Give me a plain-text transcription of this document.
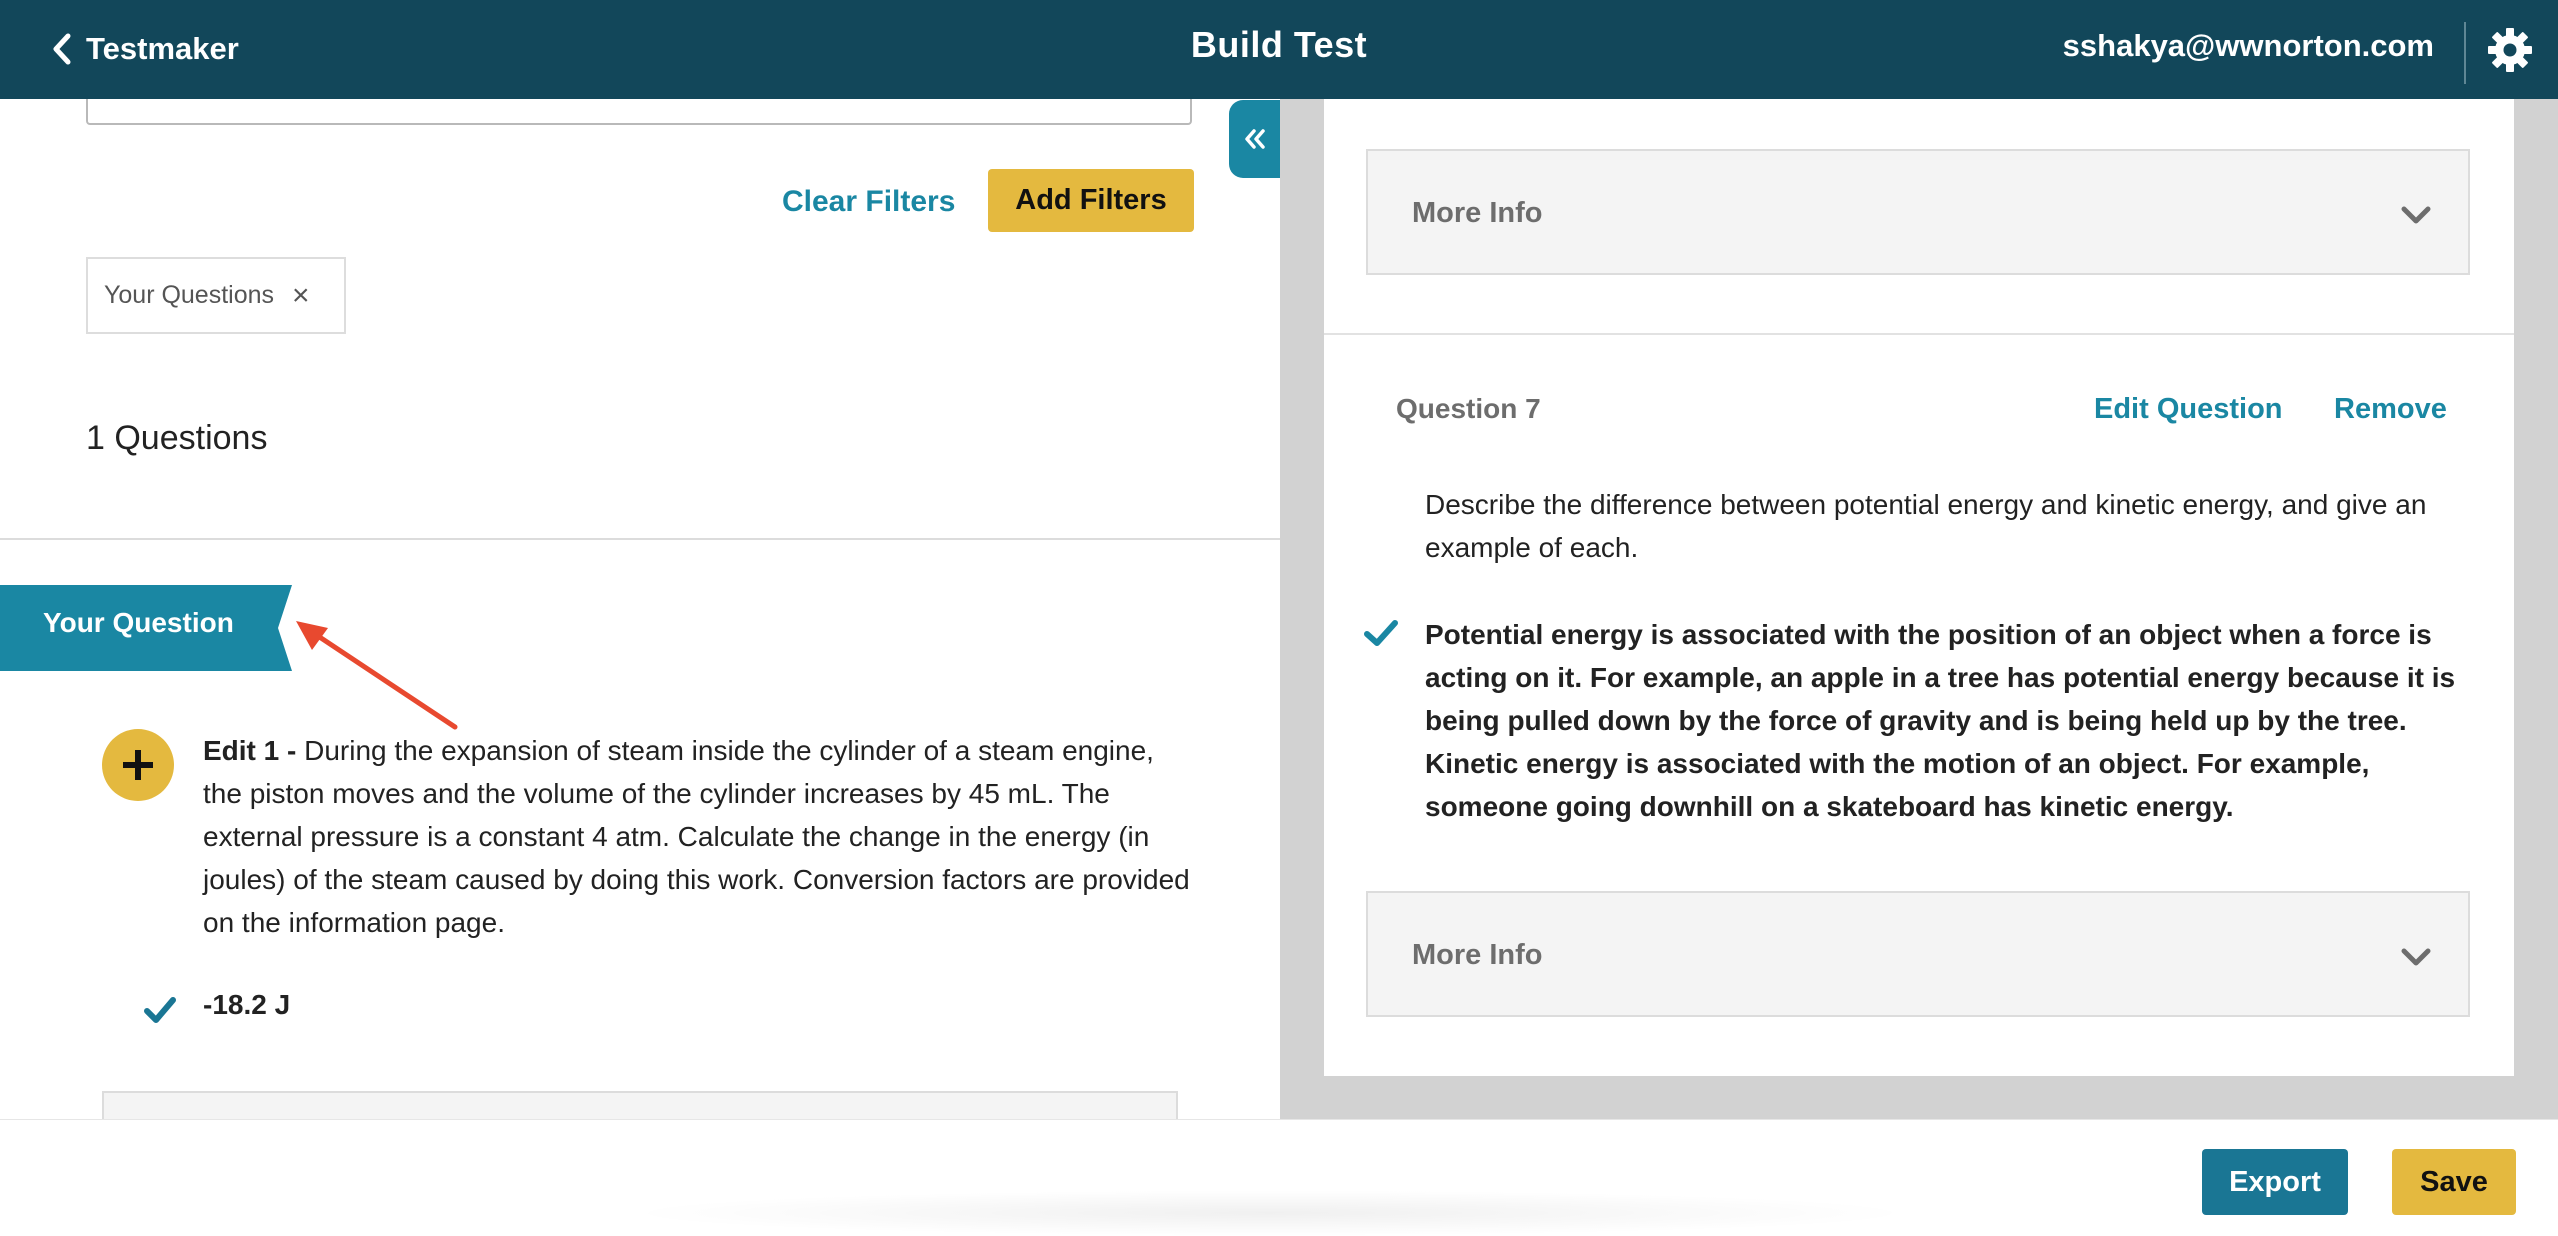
Testmaker	Build Test	sshakya@wwnorton.com
Clear Filters	Add Filters
Your Questions ×
1 Questions
Your Question
Edit 1 - During the expansion of steam inside the cylinder of a steam engine, the piston moves and the volume of the cylinder increases by 45 mL. The external pressure is a constant 4 atm. Calculate the change in the energy (in joules) of the steam caused by doing this work. Conversion factors are provided on the information page.
-18.2 J
More Info
Question 7	Edit Question Remove
Describe the difference between potential energy and kinetic energy, and give an example of each.
Potential energy is associated with the position of an object when a force is acting on it. For example, an apple in a tree has potential energy because it is being pulled down by the force of gravity and is being held up by the tree. Kinetic energy is associated with the motion of an object. For example, someone going downhill on a skateboard has kinetic energy.
More Info
Export	Save
